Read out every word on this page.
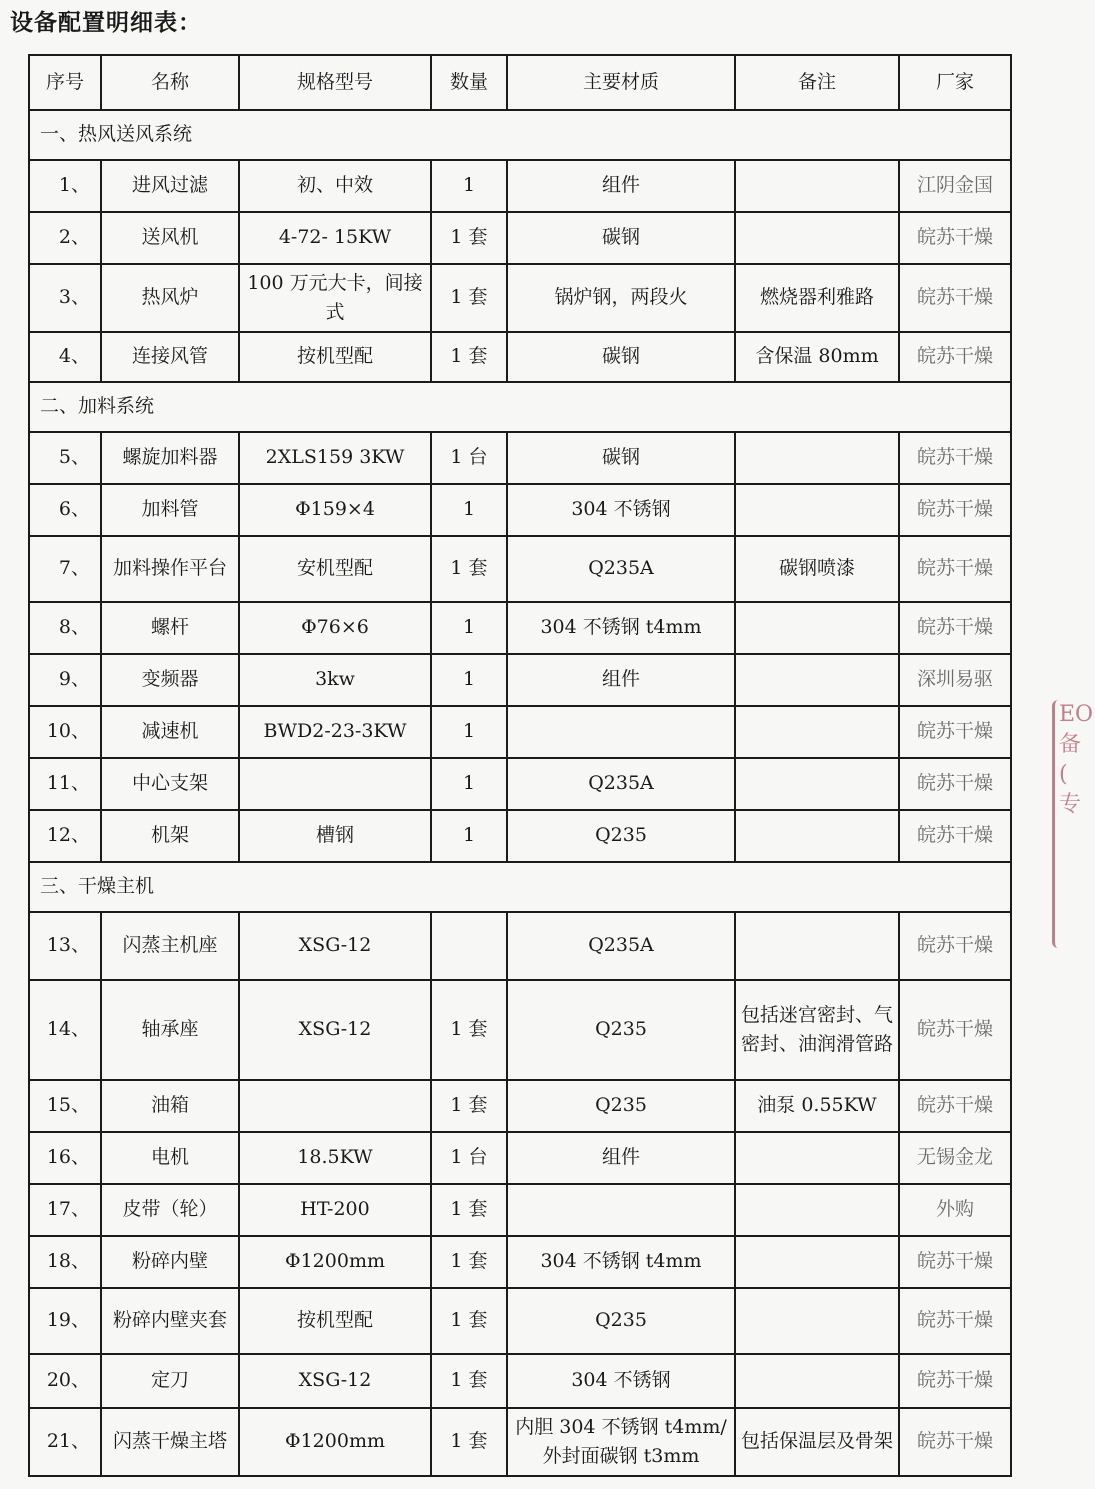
设备配置明细表：
序号	名称	规格型号	数量	主要材质	备注	厂家
一、热风送风系统						
1、	进风过滤	初、中效	1	组件		江阴金国
2、	送风机	4-72- 15KW	1 套	碳钢		皖苏干燥
3、	热风炉	100 万元大卡，间接式	1 套	锅炉钢，两段火	燃烧器利雅路	皖苏干燥
4、	连接风管	按机型配	1 套	碳钢	含保温 80mm	皖苏干燥
二、加料系统						
5、	螺旋加料器	2XLS159 3KW	1 台	碳钢		皖苏干燥
6、	加料管	Φ159×4	1	304 不锈钢		皖苏干燥
7、	加料操作平台	安机型配	1 套	Q235A	碳钢喷漆	皖苏干燥
8、	螺杆	Φ76×6	1	304 不锈钢 t4mm		皖苏干燥
9、	变频器	3kw	1	组件		深圳易驱
10、	减速机	BWD2-23-3KW	1			皖苏干燥
11、	中心支架		1	Q235A		皖苏干燥
12、	机架	槽钢	1	Q235		皖苏干燥
三、干燥主机						
13、	闪蒸主机座	XSG-12		Q235A		皖苏干燥
14、	轴承座	XSG-12	1 套	Q235	包括迷宫密封、气密封、油润滑管路	皖苏干燥
15、	油箱		1 套	Q235	油泵 0.55KW	皖苏干燥
16、	电机	18.5KW	1 台	组件		无锡金龙
17、	皮带（轮）	HT-200	1 套			外购
18、	粉碎内壁	Φ1200mm	1 套	304 不锈钢 t4mm		皖苏干燥
19、	粉碎内壁夹套	按机型配	1 套	Q235		皖苏干燥
20、	定刀	XSG-12	1 套	304 不锈钢		皖苏干燥
21、	闪蒸干燥主塔	Φ1200mm	1 套	内胆 304 不锈钢 t4mm/外封面碳钢 t3mm	包括保温层及骨架	皖苏干燥
EO
备
(
专
